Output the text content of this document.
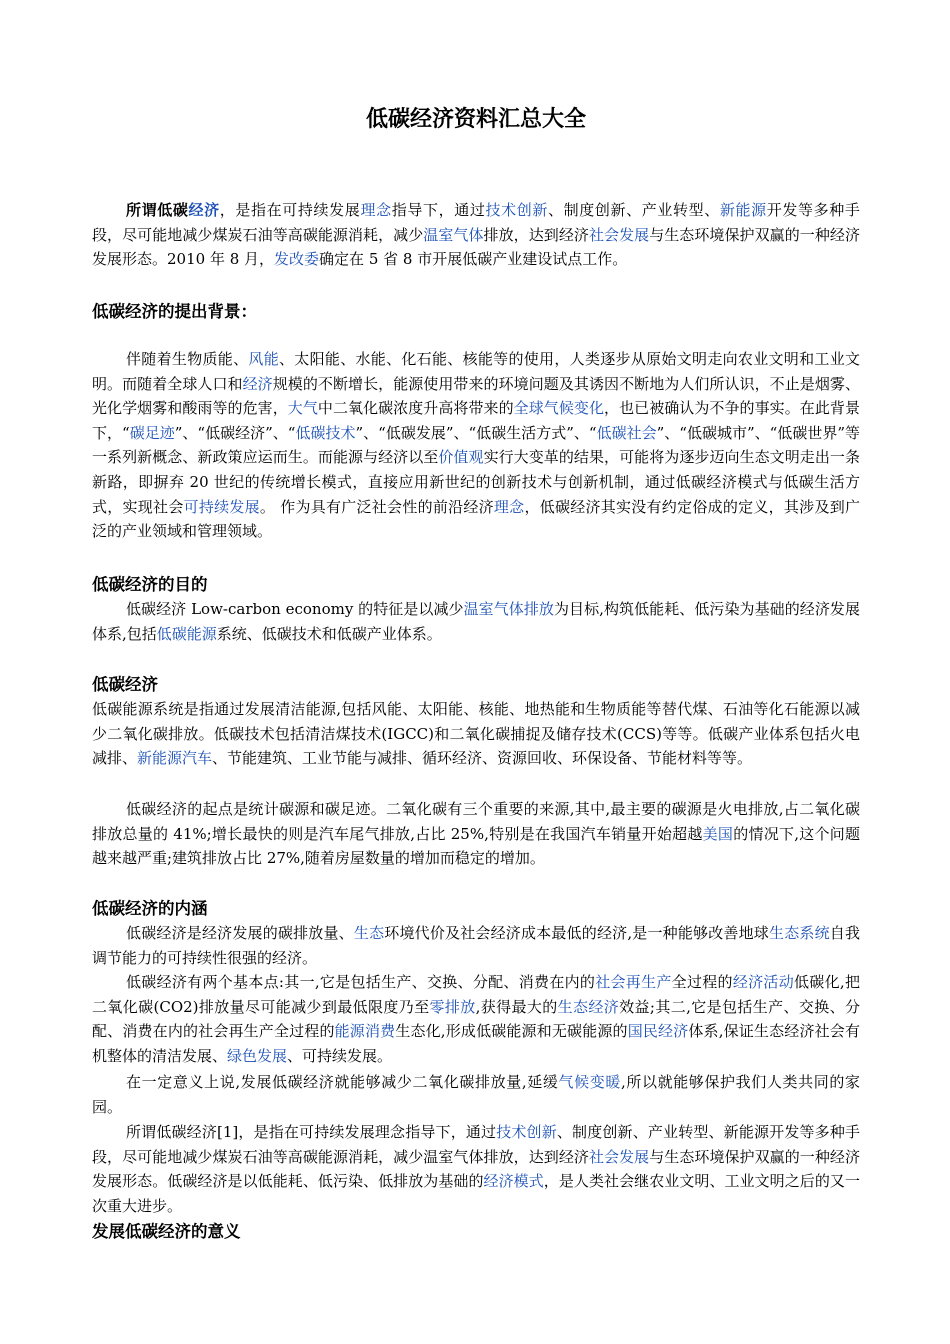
低碳经济资料汇总大全
所谓低碳经济，是指在可持续发展理念指导下，通过技术创新、制度创新、产业转型、新能源开发等多种手段，尽可能地减少煤炭石油等高碳能源消耗，减少温室气体排放，达到经济社会发展与生态环境保护双赢的一种经济发展形态。2010 年 8 月，发改委确定在 5 省 8 市开展低碳产业建设试点工作。
低碳经济的提出背景：
伴随着生物质能、风能、太阳能、水能、化石能、核能等的使用，人类逐步从原始文明走向农业文明和工业文明。而随着全球人口和经济规模的不断增长，能源使用带来的环境问题及其诱因不断地为人们所认识，不止是烟雾、光化学烟雾和酸雨等的危害，大气中二氧化碳浓度升高将带来的全球气候变化，也已被确认为不争的事实。在此背景下，“碳足迹”、“低碳经济”、“低碳技术”、“低碳发展”、“低碳生活方式”、“低碳社会”、“低碳城市”、“低碳世界”等一系列新概念、新政策应运而生。而能源与经济以至价值观实行大变革的结果，可能将为逐步迈向生态文明走出一条新路，即摒弃 20 世纪的传统增长模式，直接应用新世纪的创新技术与创新机制，通过低碳经济模式与低碳生活方式，实现社会可持续发展。 作为具有广泛社会性的前沿经济理念，低碳经济其实没有约定俗成的定义，其涉及到广泛的产业领域和管理领域。
低碳经济的目的
低碳经济 Low-carbon economy 的特征是以减少温室气体排放为目标,构筑低能耗、低污染为基础的经济发展体系,包括低碳能源系统、低碳技术和低碳产业体系。
低碳经济
低碳能源系统是指通过发展清洁能源,包括风能、太阳能、核能、地热能和生物质能等替代煤、石油等化石能源以减少二氧化碳排放。低碳技术包括清洁煤技术(IGCC)和二氧化碳捕捉及储存技术(CCS)等等。低碳产业体系包括火电减排、新能源汽车、节能建筑、工业节能与减排、循环经济、资源回收、环保设备、节能材料等等。
低碳经济的起点是统计碳源和碳足迹。二氧化碳有三个重要的来源,其中,最主要的碳源是火电排放,占二氧化碳排放总量的 41%;增长最快的则是汽车尾气排放,占比 25%,特别是在我国汽车销量开始超越美国的情况下,这个问题越来越严重;建筑排放占比 27%,随着房屋数量的增加而稳定的增加。
低碳经济的内涵
低碳经济是经济发展的碳排放量、生态环境代价及社会经济成本最低的经济,是一种能够改善地球生态系统自我调节能力的可持续性很强的经济。
低碳经济有两个基本点:其一,它是包括生产、交换、分配、消费在内的社会再生产全过程的经济活动低碳化,把二氧化碳(CO2)排放量尽可能减少到最低限度乃至零排放,获得最大的生态经济效益;其二,它是包括生产、交换、分配、消费在内的社会再生产全过程的能源消费生态化,形成低碳能源和无碳能源的国民经济体系,保证生态经济社会有机整体的清洁发展、绿色发展、可持续发展。
在一定意义上说,发展低碳经济就能够减少二氧化碳排放量,延缓气候变暖,所以就能够保护我们人类共同的家园。
所谓低碳经济[1]，是指在可持续发展理念指导下，通过技术创新、制度创新、产业转型、新能源开发等多种手段，尽可能地减少煤炭石油等高碳能源消耗，减少温室气体排放，达到经济社会发展与生态环境保护双赢的一种经济发展形态。低碳经济是以低能耗、低污染、低排放为基础的经济模式，是人类社会继农业文明、工业文明之后的又一次重大进步。
发展低碳经济的意义
